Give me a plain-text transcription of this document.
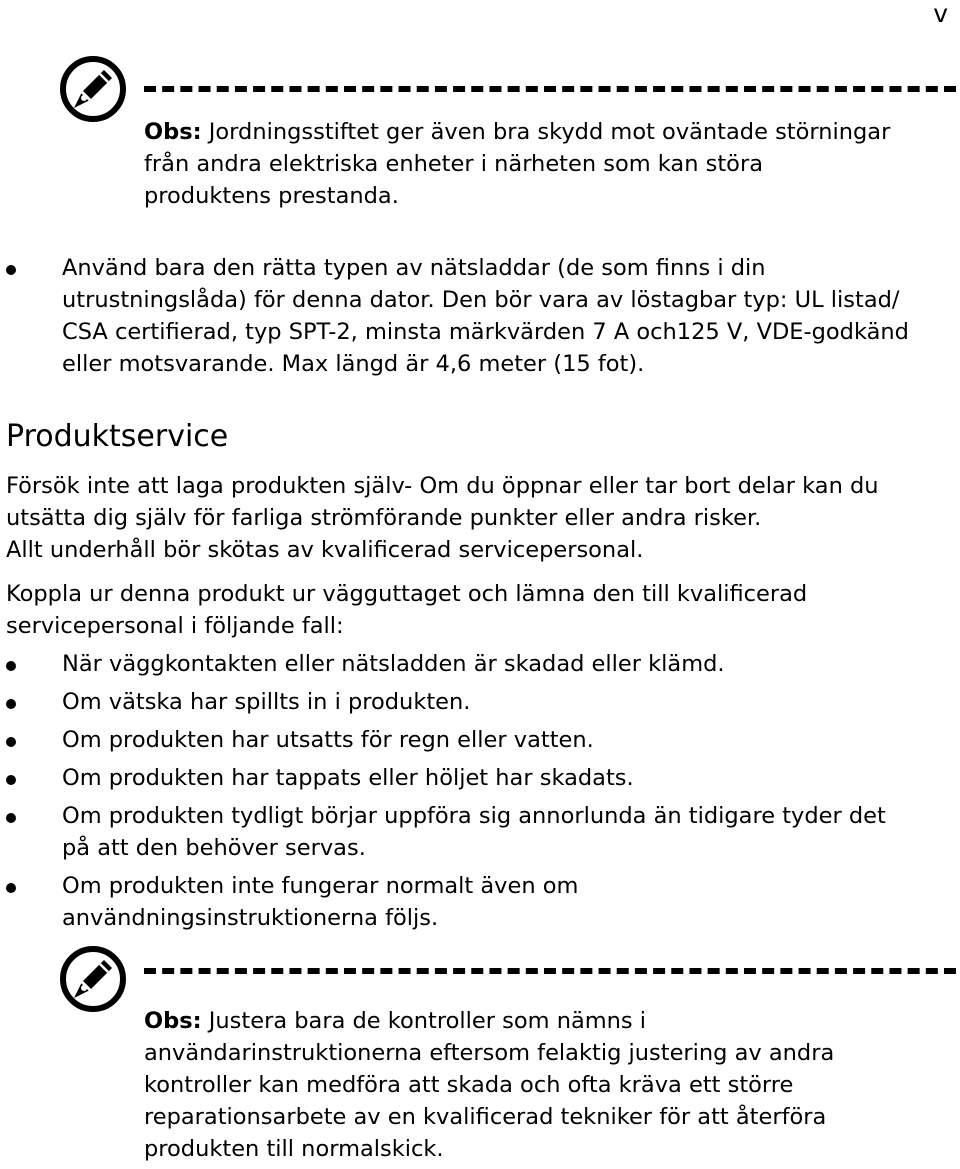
v
Obs: Jordningsstiftet ger även bra skydd mot oväntade störningar
från andra elektriska enheter i närheten som kan störa
produktens prestanda.
Använd bara den rätta typen av nätsladdar (de som finns i din
utrustningslåda) för denna dator. Den bör vara av löstagbar typ: UL listad/
CSA certifierad, typ SPT-2, minsta märkvärden 7 A och125 V, VDE-godkänd
eller motsvarande. Max längd är 4,6 meter (15 fot).
Produktservice
Försök inte att laga produkten själv- Om du öppnar eller tar bort delar kan du
utsätta dig själv för farliga strömförande punkter eller andra risker.
Allt underhåll bör skötas av kvalificerad servicepersonal.
Koppla ur denna produkt ur vägguttaget och lämna den till kvalificerad
servicepersonal i följande fall:
När väggkontakten eller nätsladden är skadad eller klämd.
Om vätska har spillts in i produkten.
Om produkten har utsatts för regn eller vatten.
Om produkten har tappats eller höljet har skadats.
Om produkten tydligt börjar uppföra sig annorlunda än tidigare tyder det
på att den behöver servas.
Om produkten inte fungerar normalt även om
användningsinstruktionerna följs.
Obs: Justera bara de kontroller som nämns i
användarinstruktionerna eftersom felaktig justering av andra
kontroller kan medföra att skada och ofta kräva ett större
reparationsarbete av en kvalificerad tekniker för att återföra
produkten till normalskick.
